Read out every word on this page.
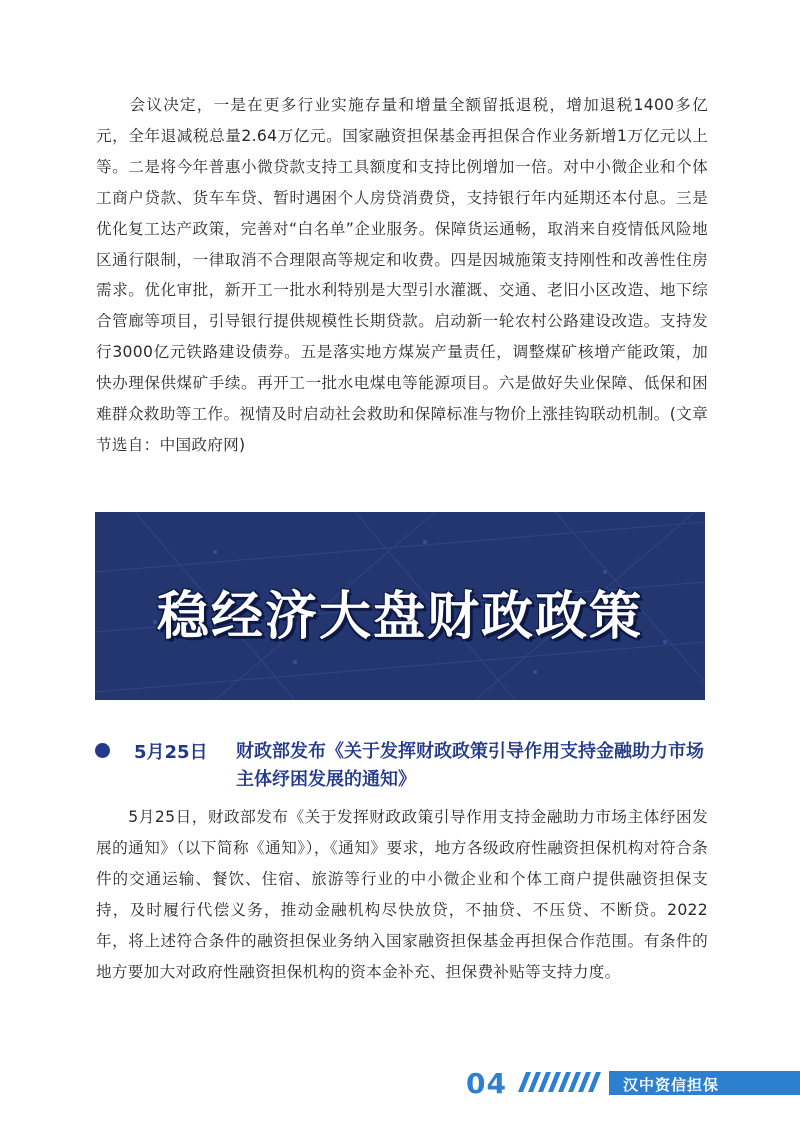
　　会议决定，一是在更多行业实施存量和增量全额留抵退税，增加退税1400多亿元，全年退减税总量2.64万亿元。国家融资担保基金再担保合作业务新增1万亿元以上等。二是将今年普惠小微贷款支持工具额度和支持比例增加一倍。对中小微企业和个体工商户贷款、货车车贷、暂时遇困个人房贷消费贷，支持银行年内延期还本付息。三是优化复工达产政策，完善对“白名单”企业服务。保障货运通畅，取消来自疫情低风险地区通行限制，一律取消不合理限高等规定和收费。四是因城施策支持刚性和改善性住房需求。优化审批，新开工一批水利特别是大型引水灌溉、交通、老旧小区改造、地下综合管廊等项目，引导银行提供规模性长期贷款。启动新一轮农村公路建设改造。支持发行3000亿元铁路建设债券。五是落实地方煤炭产量责任，调整煤矿核增产能政策，加快办理保供煤矿手续。再开工一批水电煤电等能源项目。六是做好失业保障、低保和困难群众救助等工作。视情及时启动社会救助和保障标准与物价上涨挂钩联动机制。(文章节选自：中国政府网)

稳经济大盘财政政策
5月25日 财政部发布《关于发挥财政政策引导作用支持金融助力市场主体纾困发展的通知》

　　5月25日，财政部发布《关于发挥财政政策引导作用支持金融助力市场主体纾困发展的通知》（以下简称《通知》），《通知》要求，地方各级政府性融资担保机构对符合条件的交通运输、餐饮、住宿、旅游等行业的中小微企业和个体工商户提供融资担保支持，及时履行代偿义务，推动金融机构尽快放贷，不抽贷、不压贷、不断贷。2022年，将上述符合条件的融资担保业务纳入国家融资担保基金再担保合作范围。有条件的地方要加大对政府性融资担保机构的资本金补充、担保费补贴等支持力度。

04	汉中资信担保
